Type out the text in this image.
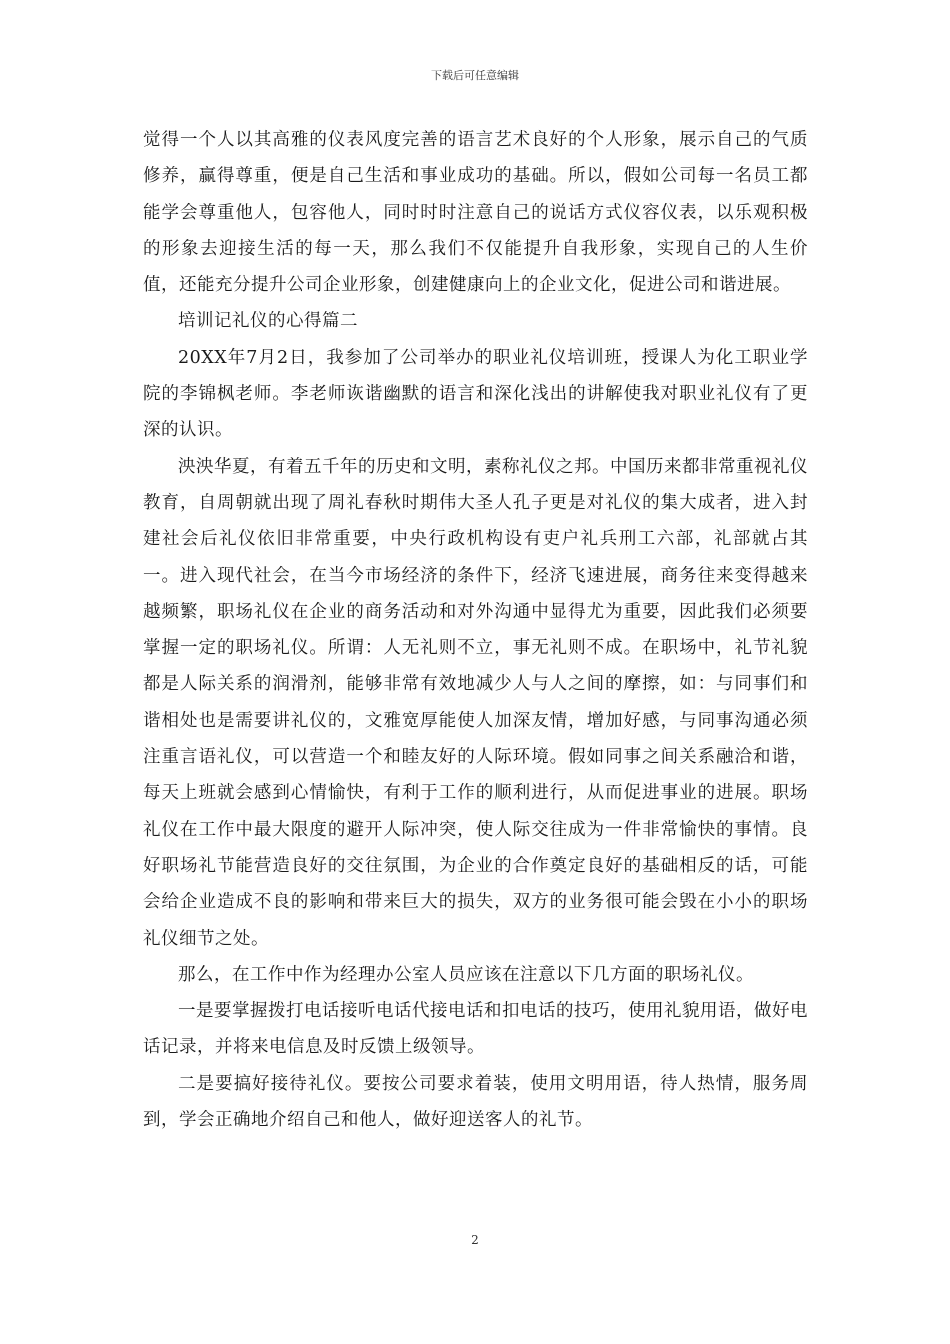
下载后可任意编辑

觉得一个人以其高雅的仪表风度完善的语言艺术良好的个人形象，展示自己的气质修养，赢得尊重，便是自己生活和事业成功的基础。所以，假如公司每一名员工都能学会尊重他人，包容他人，同时时时注意自己的说话方式仪容仪表，以乐观积极的形象去迎接生活的每一天，那么我们不仅能提升自我形象，实现自己的人生价值，还能充分提升公司企业形象，创建健康向上的企业文化，促进公司和谐进展。

培训记礼仪的心得篇二

20XX年7月2日，我参加了公司举办的职业礼仪培训班，授课人为化工职业学院的李锦枫老师。李老师诙谐幽默的语言和深化浅出的讲解使我对职业礼仪有了更深的认识。

泱泱华夏，有着五千年的历史和文明，素称礼仪之邦。中国历来都非常重视礼仪教育，自周朝就出现了周礼春秋时期伟大圣人孔子更是对礼仪的集大成者，进入封建社会后礼仪依旧非常重要，中央行政机构设有吏户礼兵刑工六部，礼部就占其一。进入现代社会，在当今市场经济的条件下，经济飞速进展，商务往来变得越来越频繁，职场礼仪在企业的商务活动和对外沟通中显得尤为重要，因此我们必须要掌握一定的职场礼仪。所谓：人无礼则不立，事无礼则不成。在职场中，礼节礼貌都是人际关系的润滑剂，能够非常有效地减少人与人之间的摩擦，如：与同事们和谐相处也是需要讲礼仪的，文雅宽厚能使人加深友情，增加好感，与同事沟通必须注重言语礼仪，可以营造一个和睦友好的人际环境。假如同事之间关系融洽和谐，每天上班就会感到心情愉快，有利于工作的顺利进行，从而促进事业的进展。职场礼仪在工作中最大限度的避开人际冲突，使人际交往成为一件非常愉快的事情。良好职场礼节能营造良好的交往氛围，为企业的合作奠定良好的基础相反的话，可能会给企业造成不良的影响和带来巨大的损失，双方的业务很可能会毁在小小的职场礼仪细节之处。

那么，在工作中作为经理办公室人员应该在注意以下几方面的职场礼仪。

一是要掌握拨打电话接听电话代接电话和扣电话的技巧，使用礼貌用语，做好电话记录，并将来电信息及时反馈上级领导。

二是要搞好接待礼仪。要按公司要求着装，使用文明用语，待人热情，服务周到，学会正确地介绍自己和他人，做好迎送客人的礼节。

2
